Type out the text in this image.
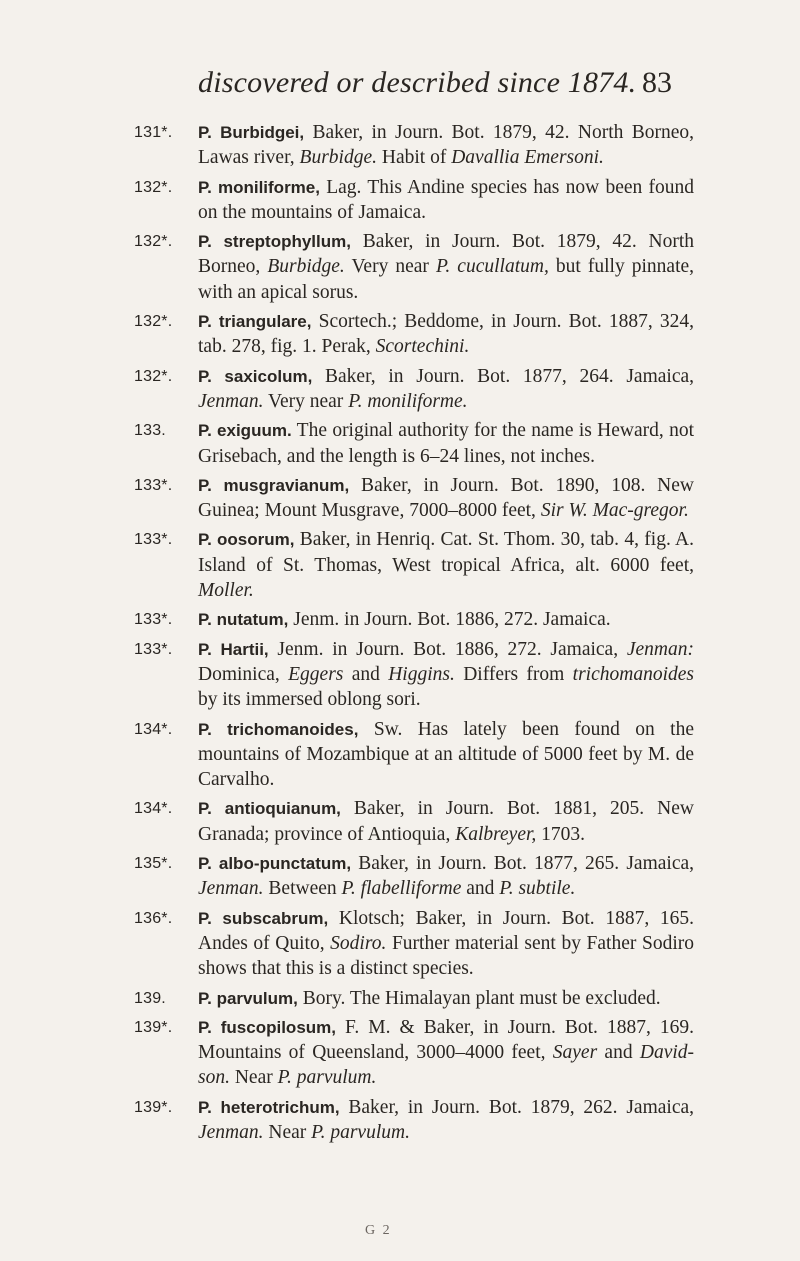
discovered or described since 1874. 83

131*. P. Burbidgei, Baker, in Journ. Bot. 1879, 42. North Borneo, Lawas river, Burbidge. Habit of Davallia Emersoni.

132*. P. moniliforme, Lag. This Andine species has now been found on the mountains of Jamaica.

132*. P. streptophyllum, Baker, in Journ. Bot. 1879, 42. North Borneo, Burbidge. Very near P. cucullatum, but fully pinnate, with an apical sorus.

132*. P. triangulare, Scortech.; Beddome, in Journ. Bot. 1887, 324, tab. 278, fig. 1. Perak, Scortechini.

132*. P. saxicolum, Baker, in Journ. Bot. 1877, 264. Jamaica, Jenman. Very near P. moniliforme.

133. P. exiguum. The original authority for the name is Heward, not Grisebach, and the length is 6–24 lines, not inches.

133*. P. musgravianum, Baker, in Journ. Bot. 1890, 108. New Guinea; Mount Musgrave, 7000–8000 feet, Sir W. Mac-gregor.

133*. P. oosorum, Baker, in Henriq. Cat. St. Thom. 30, tab. 4, fig. A. Island of St. Thomas, West tropical Africa, alt. 6000 feet, Moller.

133*. P. nutatum, Jenm. in Journ. Bot. 1886, 272. Jamaica.

133*. P. Hartii, Jenm. in Journ. Bot. 1886, 272. Jamaica, Jenman: Dominica, Eggers and Higgins. Differs from trichomanoides by its immersed oblong sori.

134*. P. trichomanoides, Sw. Has lately been found on the mountains of Mozambique at an altitude of 5000 feet by M. de Carvalho.

134*. P. antioquianum, Baker, in Journ. Bot. 1881, 205. New Granada; province of Antioquia, Kalbreyer, 1703.

135*. P. albo-punctatum, Baker, in Journ. Bot. 1877, 265. Jamaica, Jenman. Between P. flabelliforme and P. subtile.

136*. P. subscabrum, Klotsch; Baker, in Journ. Bot. 1887, 165. Andes of Quito, Sodiro. Further material sent by Father Sodiro shows that this is a distinct species.

139. P. parvulum, Bory. The Himalayan plant must be excluded.

139*. P. fuscopilosum, F. M. & Baker, in Journ. Bot. 1887, 169. Mountains of Queensland, 3000–4000 feet, Sayer and David-son. Near P. parvulum.

139*. P. heterotrichum, Baker, in Journ. Bot. 1879, 262. Jamaica, Jenman. Near P. parvulum.

G 2
